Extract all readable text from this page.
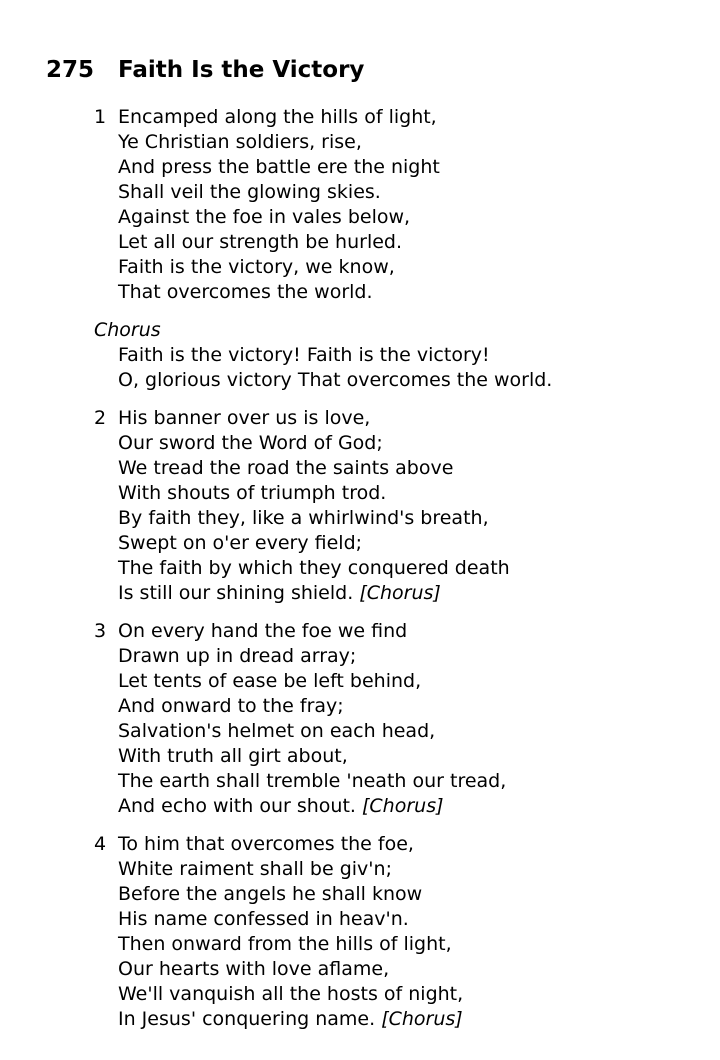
275 Faith Is the Victory
1 Encamped along the hills of light,
Ye Christian soldiers, rise,
And press the battle ere the night
Shall veil the glowing skies.
Against the foe in vales below,
Let all our strength be hurled.
Faith is the victory, we know,
That overcomes the world.
Chorus
Faith is the victory! Faith is the victory!
O, glorious victory That overcomes the world.
2 His banner over us is love,
Our sword the Word of God;
We tread the road the saints above
With shouts of triumph trod.
By faith they, like a whirlwind's breath,
Swept on o'er every field;
The faith by which they conquered death
Is still our shining shield. [Chorus]
3 On every hand the foe we find
Drawn up in dread array;
Let tents of ease be left behind,
And onward to the fray;
Salvation's helmet on each head,
With truth all girt about,
The earth shall tremble 'neath our tread,
And echo with our shout. [Chorus]
4 To him that overcomes the foe,
White raiment shall be giv'n;
Before the angels he shall know
His name confessed in heav'n.
Then onward from the hills of light,
Our hearts with love aflame,
We'll vanquish all the hosts of night,
In Jesus' conquering name. [Chorus]
